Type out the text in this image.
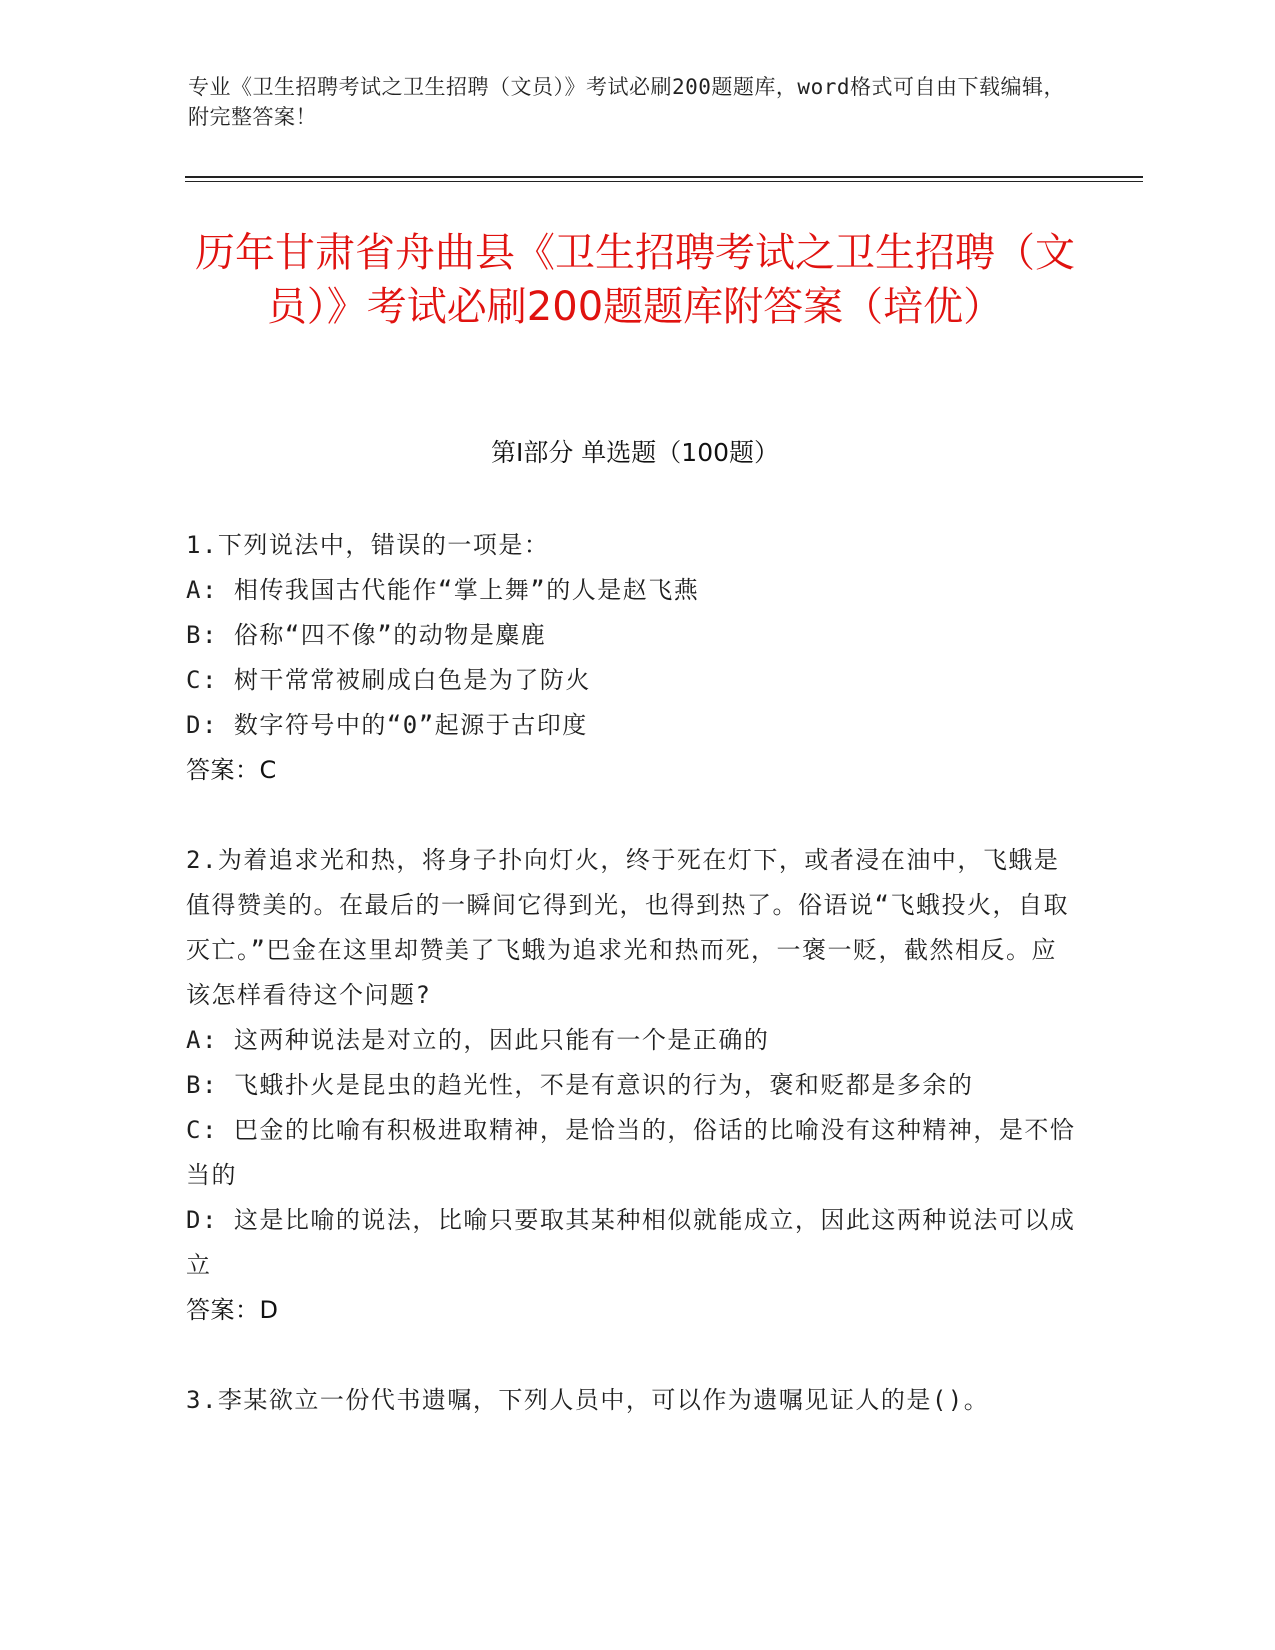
专业《卫生招聘考试之卫生招聘（文员）》考试必刷200题题库，word格式可自由下载编辑，附完整答案！
历年甘肃省舟曲县《卫生招聘考试之卫生招聘（文员）》考试必刷200题题库附答案（培优）
第Ⅰ部分 单选题（100题）
1.下列说法中，错误的一项是：
A: 相传我国古代能作“掌上舞”的人是赵飞燕
B: 俗称“四不像”的动物是麋鹿
C: 树干常常被刷成白色是为了防火
D: 数字符号中的“0”起源于古印度
答案：C
2.为着追求光和热，将身子扑向灯火，终于死在灯下，或者浸在油中，飞蛾是值得赞美的。在最后的一瞬间它得到光，也得到热了。俗语说“飞蛾投火，自取灭亡。”巴金在这里却赞美了飞蛾为追求光和热而死，一褒一贬，截然相反。应该怎样看待这个问题?
A: 这两种说法是对立的，因此只能有一个是正确的
B: 飞蛾扑火是昆虫的趋光性，不是有意识的行为，褒和贬都是多余的
C: 巴金的比喻有积极进取精神，是恰当的，俗话的比喻没有这种精神，是不恰当的
D: 这是比喻的说法，比喻只要取其某种相似就能成立，因此这两种说法可以成立
答案：D
3.李某欲立一份代书遗嘱，下列人员中，可以作为遗嘱见证人的是()。
